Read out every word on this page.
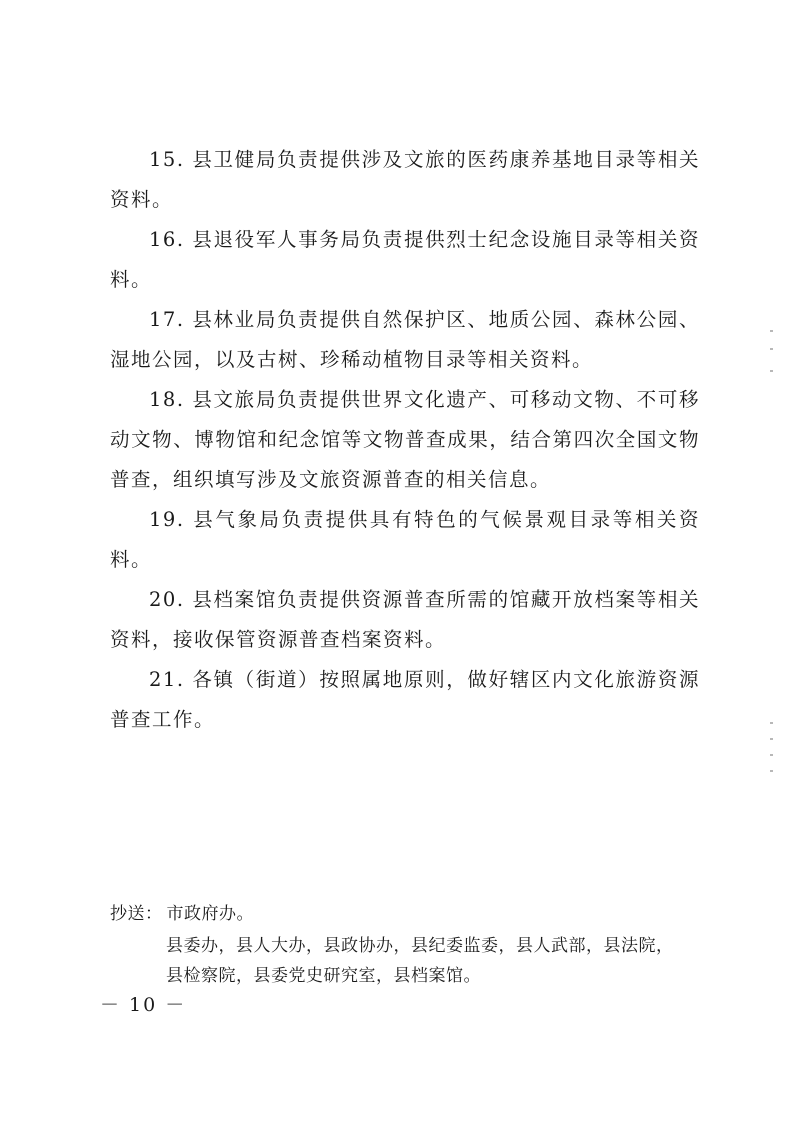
15. 县卫健局负责提供涉及文旅的医药康养基地目录等相关资料。

16. 县退役军人事务局负责提供烈士纪念设施目录等相关资料。

17. 县林业局负责提供自然保护区、地质公园、森林公园、湿地公园，以及古树、珍稀动植物目录等相关资料。

18. 县文旅局负责提供世界文化遗产、可移动文物、不可移动文物、博物馆和纪念馆等文物普查成果，结合第四次全国文物普查，组织填写涉及文旅资源普查的相关信息。

19. 县气象局负责提供具有特色的气候景观目录等相关资料。

20. 县档案馆负责提供资源普查所需的馆藏开放档案等相关资料，接收保管资源普查档案资料。

21. 各镇（街道）按照属地原则，做好辖区内文化旅游资源普查工作。

抄送： 市政府办。

县委办，县人大办，县政协办，县纪委监委，县人武部，县法院，

县检察院，县委党史研究室，县档案馆。

－ 10 －
